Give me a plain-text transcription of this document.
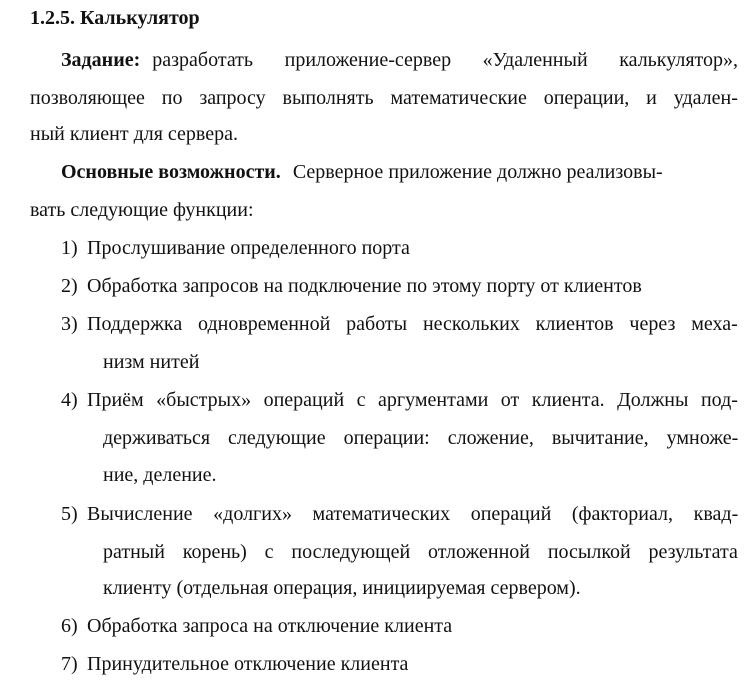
1.2.5. Калькулятор
Задание: разработать приложение-сервер «Удаленный калькулятор»,
позволяющее по запросу выполнять математические операции, и удален-
ный клиент для сервера.
Основные возможности. Серверное приложение должно реализовы-
вать следующие функции:
1) Прослушивание определенного порта
2) Обработка запросов на подключение по этому порту от клиентов
3) Поддержка одновременной работы нескольких клиентов через меха-
низм нитей
4) Приём «быстрых» операций с аргументами от клиента. Должны под-
держиваться следующие операции: сложение, вычитание, умноже-
ние, деление.
5) Вычисление «долгих» математических операций (факториал, квад-
ратный корень) с последующей отложенной посылкой результата
клиенту (отдельная операция, инициируемая сервером).
6) Обработка запроса на отключение клиента
7) Принудительное отключение клиента
